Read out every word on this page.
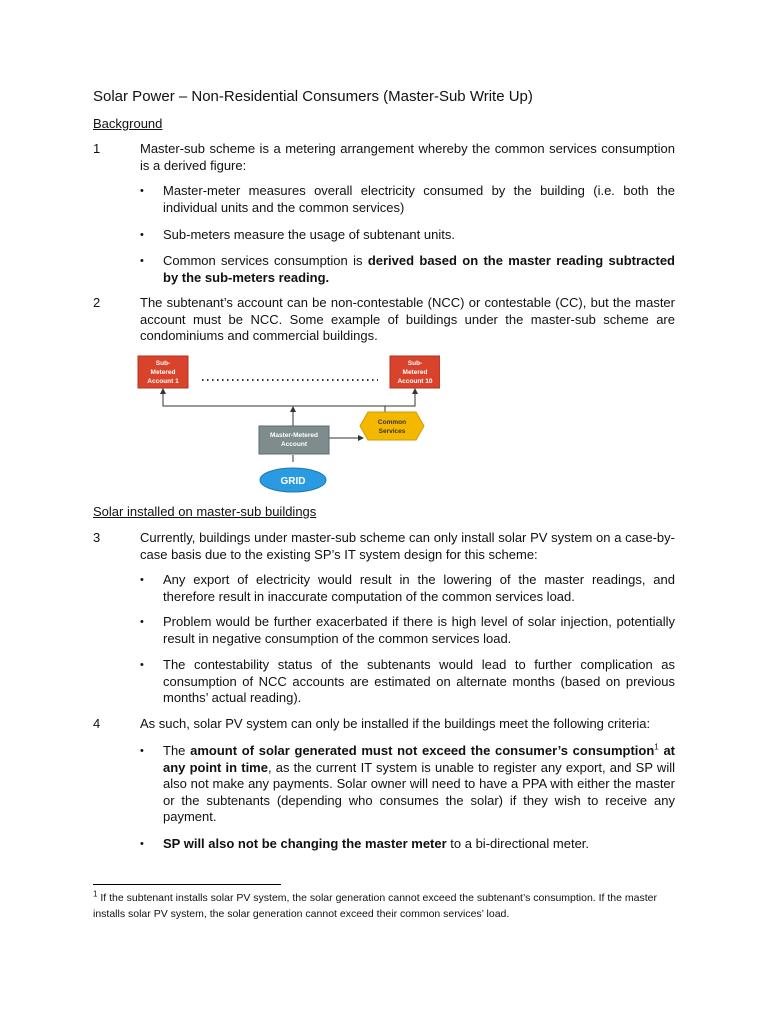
Solar Power – Non-Residential Consumers (Master-Sub Write Up)
Background
1	Master-sub scheme is a metering arrangement whereby the common services consumption is a derived figure:
• Master-meter measures overall electricity consumed by the building (i.e. both the individual units and the common services)
• Sub-meters measure the usage of subtenant units.
• Common services consumption is derived based on the master reading subtracted by the sub-meters reading.
2	The subtenant’s account can be non-contestable (NCC) or contestable (CC), but the master account must be NCC. Some example of buildings under the master-sub scheme are condominiums and commercial buildings.
Sub-
Metered
Account 1
Sub-
Metered
Account 10
Master-Metered
Account
Common
Services
GRID
Solar installed on master-sub buildings
3	Currently, buildings under master-sub scheme can only install solar PV system on a case-by-case basis due to the existing SP’s IT system design for this scheme:
• Any export of electricity would result in the lowering of the master readings, and therefore result in inaccurate computation of the common services load.
• Problem would be further exacerbated if there is high level of solar injection, potentially result in negative consumption of the common services load.
• The contestability status of the subtenants would lead to further complication as consumption of NCC accounts are estimated on alternate months (based on previous months’ actual reading).
4	As such, solar PV system can only be installed if the buildings meet the following criteria:
• The amount of solar generated must not exceed the consumer’s consumption$^1$ at any point in time, as the current IT system is unable to register any export, and SP will also not make any payments. Solar owner will need to have a PPA with either the master or the subtenants (depending who consumes the solar) if they wish to receive any payment.
• SP will also not be changing the master meter to a bi-directional meter.
$^1$ If the subtenant installs solar PV system, the solar generation cannot exceed the subtenant’s consumption. If the master installs solar PV system, the solar generation cannot exceed their common services’ load.
